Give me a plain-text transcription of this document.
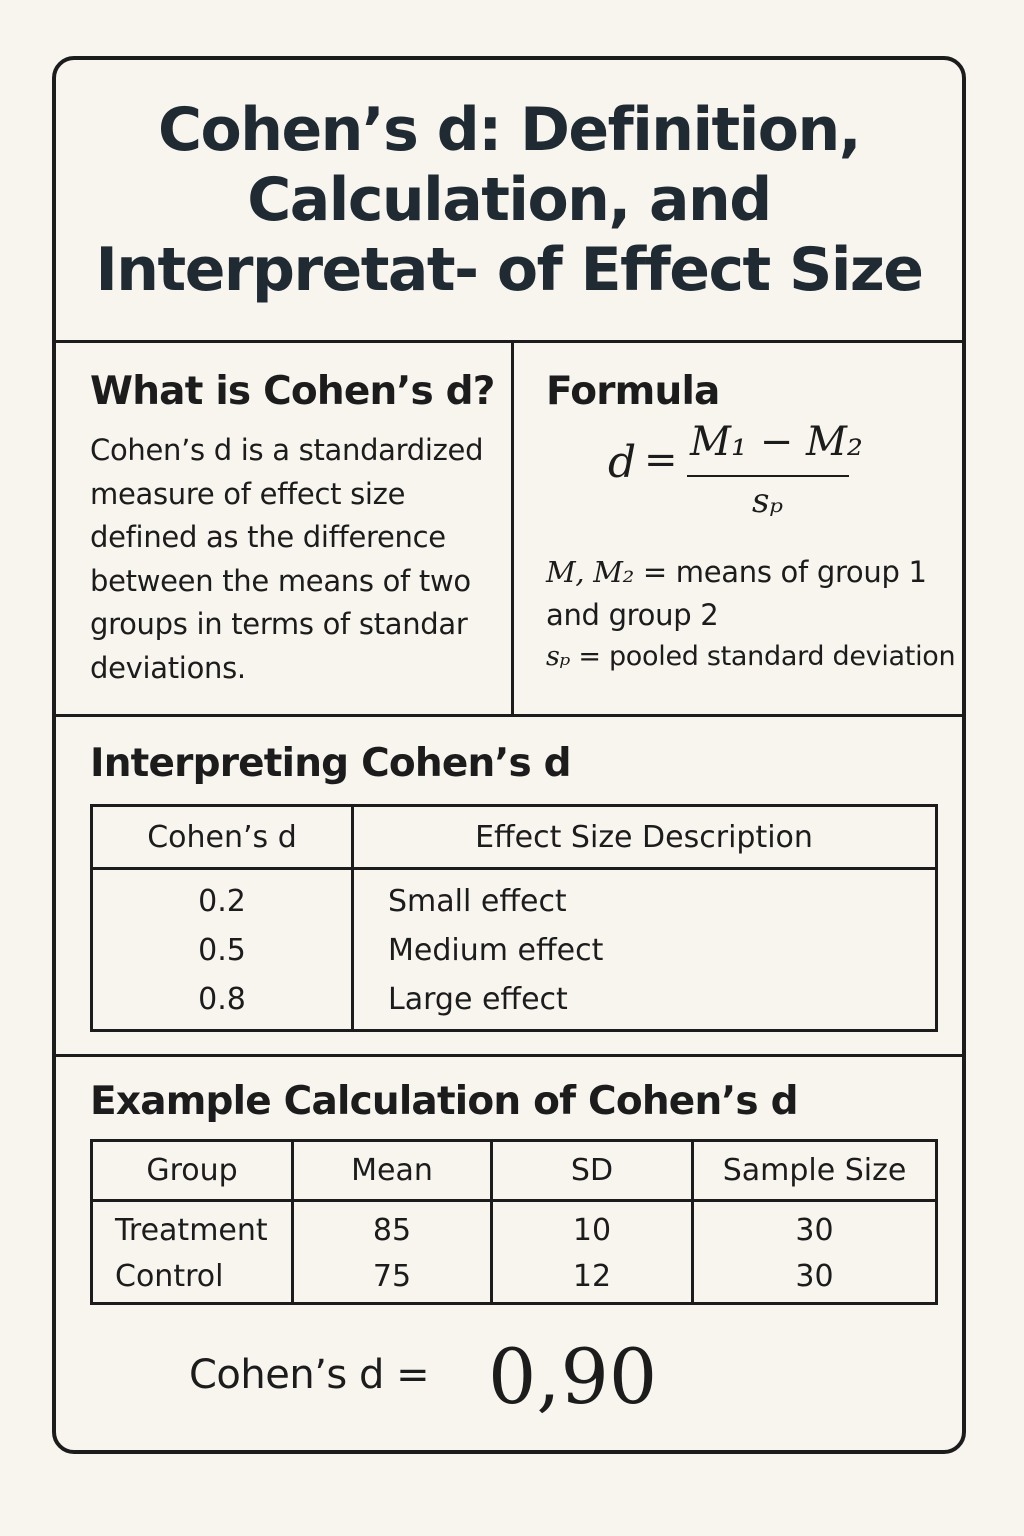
Cohen’s d: Definition, Calculation, and Interpretat- of Effect Size
What is Cohen’s d?
Cohen’s d is a standardized measure of effect size defined as the difference between the means of two groups in terms of standar deviations.
Formula
d = M₁ − M₂
sₚ
M, M₂ = means of group 1
and group 2
sₚ = pooled standard deviation
Interpreting Cohen’s d
Cohen’s d	Effect Size Description
0.2	Small effect
0.5	Medium effect
0.8	Large effect
Example Calculation of Cohen’s d
Group	Mean	SD	Sample Size
Treatment	85	10	30
Control	75	12	30
Cohen’s d = 0,90
